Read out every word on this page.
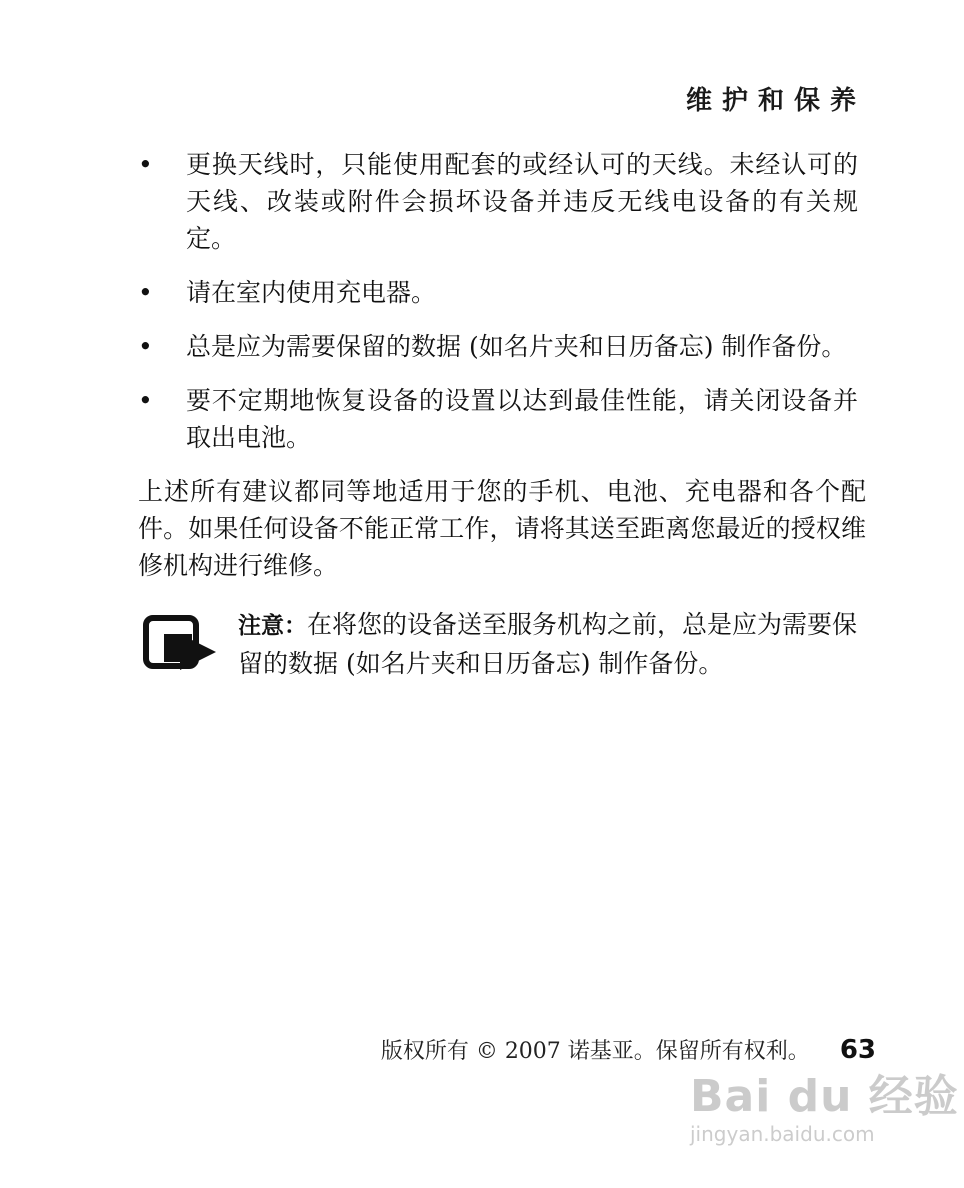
维护和保养
• 更换天线时，只能使用配套的或经认可的天线。未经认可的天线、改装或附件会损坏设备并违反无线电设备的有关规定。
• 请在室内使用充电器。
• 总是应为需要保留的数据 (如名片夹和日历备忘) 制作备份。
• 要不定期地恢复设备的设置以达到最佳性能，请关闭设备并取出电池。

上述所有建议都同等地适用于您的手机、电池、充电器和各个配件。如果任何设备不能正常工作，请将其送至距离您最近的授权维修机构进行维修。

注意：在将您的设备送至服务机构之前，总是应为需要保留的数据 (如名片夹和日历备忘) 制作备份。
版权所有 © 2007 诺基亚。保留所有权利。 63
Bai du 经验
jingyan.baidu.com
